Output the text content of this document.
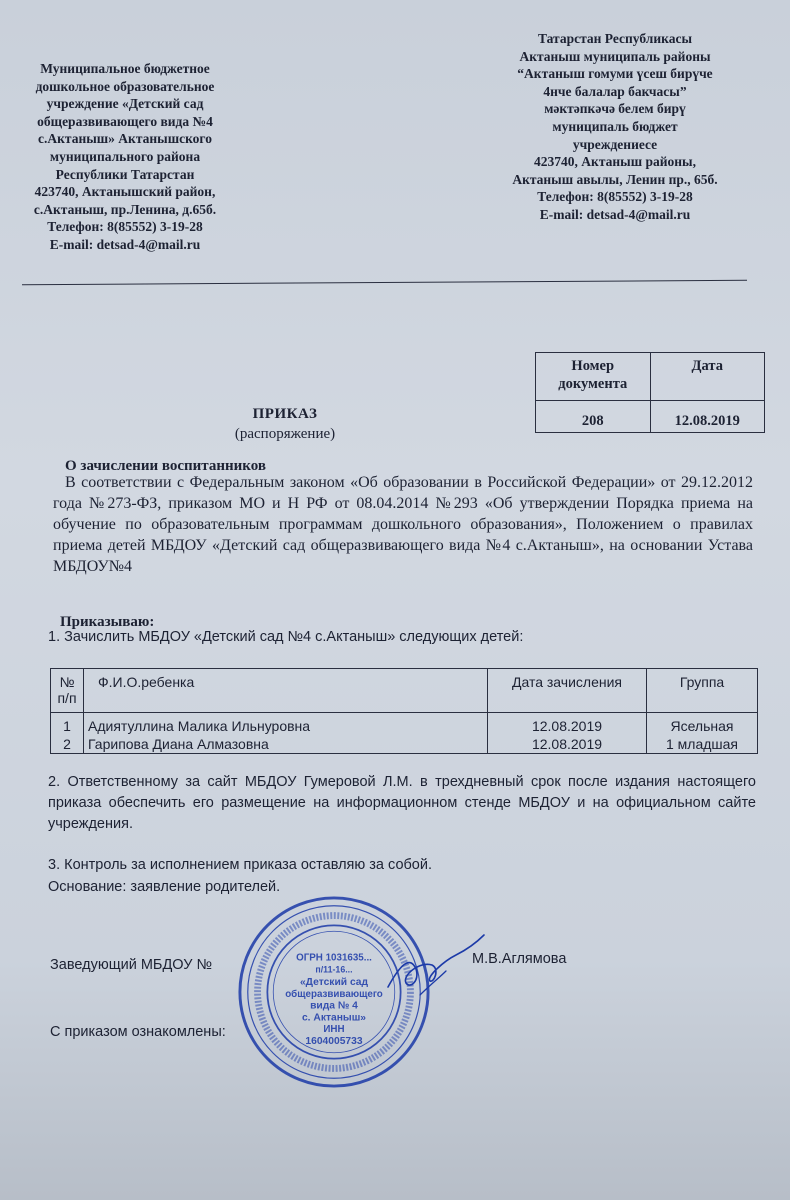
Муниципальное бюджетное
дошкольное образовательное
учреждение «Детский сад
общеразвивающего вида №4
с.Актаныш» Актанышского
муниципального района
Республики Татарстан
423740, Актанышский район,
с.Актаныш, пр.Ленина, д.65б.
Телефон: 8(85552) 3-19-28
E-mail: detsad-4@mail.ru
Татарстан Республикасы
Актаныш муниципаль районы
“Актаныш гомуми үсеш бирүче
4нче балалар бакчасы”
мәктәпкәчә белем бирү
муниципаль бюджет
учреждениесе
423740, Актаныш районы,
Актаныш авылы, Ленин пр., 65б.
Телефон: 8(85552) 3-19-28
E-mail: detsad-4@mail.ru
ПРИКАЗ
(распоряжение)
Номер документа	Дата
208	12.08.2019
О зачислении воспитанников
В соответствии с Федеральным законом «Об образовании в Российской Федерации» от 29.12.2012 года №273-ФЗ, приказом МО и Н РФ от 08.04.2014 №293 «Об утверждении Порядка приема на обучение по образовательным программам дошкольного образования», Положением о правилах приема детей МБДОУ «Детский сад общеразвивающего вида №4 с.Актаныш», на основании Устава МБДОУ№4
Приказываю:
1. Зачислить МБДОУ «Детский сад №4 с.Актаныш» следующих детей:
№ п/п	Ф.И.О.ребенка	Дата зачисления	Группа
1	Адиятуллина Малика Ильнуровна	12.08.2019	Ясельная
2	Гарипова Диана Алмазовна	12.08.2019	1 младшая
2. Ответственному за сайт МБДОУ Гумеровой Л.М. в трехдневный срок после издания настоящего приказа обеспечить его размещение на информационном стенде МБДОУ и на официальном сайте учреждения.
3. Контроль за исполнением приказа оставляю за собой.
Основание: заявление родителей.
Заведующий МБДОУ №	М.В.Аглямова
С приказом ознакомлены:
ОГРН 1031635...
п/11-16...
«Детский сад
общеразвивающего
вида № 4
с. Актаныш»
ИНН
1604005733
